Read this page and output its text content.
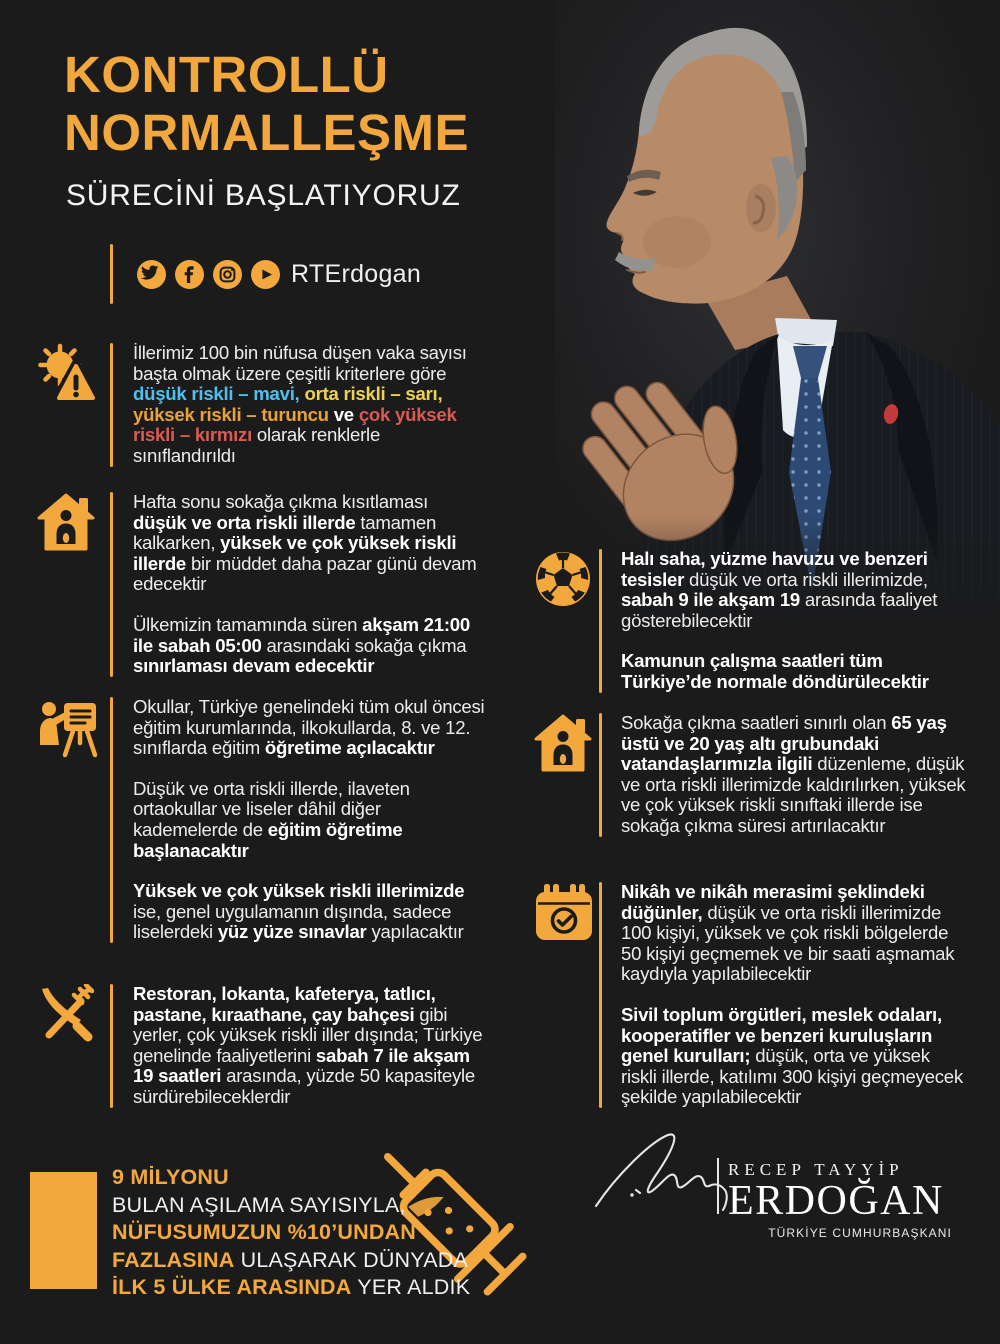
KONTROLLÜ
NORMALLEŞME
SÜRECİNİ BAŞLATIYORUZ
RTErdogan

İllerimiz 100 bin nüfusa düşen vaka sayısı başta olmak üzere çeşitli kriterlere göre düşük riskli – mavi, orta riskli – sarı, yüksek riskli – turuncu ve çok yüksek riskli – kırmızı olarak renklerle sınıflandırıldı

Hafta sonu sokağa çıkma kısıtlaması düşük ve orta riskli illerde tamamen kalkarken, yüksek ve çok yüksek riskli illerde bir müddet daha pazar günü devam edecektir

Ülkemizin tamamında süren akşam 21:00 ile sabah 05:00 arasındaki sokağa çıkma sınırlaması devam edecektir

Okullar, Türkiye genelindeki tüm okul öncesi eğitim kurumlarında, ilkokullarda, 8. ve 12. sınıflarda eğitim öğretime açılacaktır

Düşük ve orta riskli illerde, ilaveten ortaokullar ve liseler dâhil diğer kademelerde de eğitim öğretime başlanacaktır

Yüksek ve çok yüksek riskli illerimizde ise, genel uygulamanın dışında, sadece liselerdeki yüz yüze sınavlar yapılacaktır

Restoran, lokanta, kafeterya, tatlıcı, pastane, kıraathane, çay bahçesi gibi yerler, çok yüksek riskli iller dışında; Türkiye genelinde faaliyetlerini sabah 7 ile akşam 19 saatleri arasında, yüzde 50 kapasiteyle sürdürebileceklerdir

Halı saha, yüzme havuzu ve benzeri tesisler düşük ve orta riskli illerimizde, sabah 9 ile akşam 19 arasında faaliyet gösterebilecektir

Kamunun çalışma saatleri tüm Türkiye’de normale döndürülecektir

Sokağa çıkma saatleri sınırlı olan 65 yaş üstü ve 20 yaş altı grubundaki vatandaşlarımızla ilgili düzenleme, düşük ve orta riskli illerimizde kaldırılırken, yüksek ve çok yüksek riskli sınıftaki illerde ise sokağa çıkma süresi artırılacaktır

Nikâh ve nikâh merasimi şeklindeki düğünler, düşük ve orta riskli illerimizde 100 kişiyi, yüksek ve çok riskli bölgelerde 50 kişiyi geçmemek ve bir saati aşmamak kaydıyla yapılabilecektir

Sivil toplum örgütleri, meslek odaları, kooperatifler ve benzeri kuruluşların genel kurulları; düşük, orta ve yüksek riskli illerde, katılımı 300 kişiyi geçmeyecek şekilde yapılabilecektir

9 MİLYONU

BULAN AŞILAMA SAYISIYLA,

NÜFUSUMUZUN %10’UNDAN

FAZLASINA ULAŞARAK DÜNYADA

İLK 5 ÜLKE ARASINDA YER ALDIK

RECEP TAYYİP
ERDOĞAN
TÜRKİYE CUMHURBAŞKANI
